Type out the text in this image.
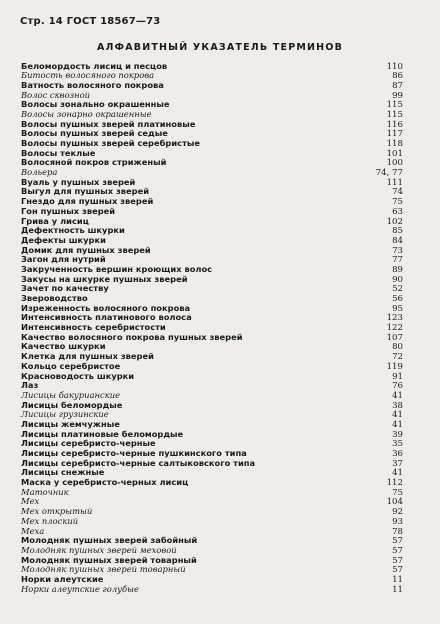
Стр. 14 ГОСТ 18567—73
АЛФАВИТНЫЙ УКАЗАТЕЛЬ ТЕРМИНОВ
Беломордость лисиц и песцов	110
Битость волосяного покрова	86
Ватность волосяного покрова	87
Волос сквозной	99
Волосы зонально окрашенные	115
Волосы зонарно окрашенные	115
Волосы пушных зверей платиновые	116
Волосы пушных зверей седые	117
Волосы пушных зверей серебристые	118
Волосы теклые	101
Волосяной покров стриженый	100
Вольера	74, 77
Вуаль у пушных зверей	111
Выгул для пушных зверей	74
Гнездо для пушных зверей	75
Гон пушных зверей	63
Грива у лисиц	102
Дефектность шкурки	85
Дефекты шкурки	84
Домик для пушных зверей	73
Загон для нутрий	77
Закрученность вершин кроющих волос	89
Закусы на шкурке пушных зверей	90
Зачет по качеству	52
Звероводство	56
Изреженность волосяного покрова	95
Интенсивность платинового волоса	123
Интенсивность серебристости	122
Качество волосяного покрова пушных зверей	107
Качество шкурки	80
Клетка для пушных зверей	72
Кольцо серебристое	119
Красноводость шкурки	91
Лаз	76
Лисицы бакурианские	41
Лисицы беломордые	38
Лисицы грузинские	41
Лисицы жемчужные	41
Лисицы платиновые беломордые	39
Лисицы серебристо-черные	35
Лисицы серебристо-черные пушкинского типа	36
Лисицы серебристо-черные салтыковского типа	37
Лисицы снежные	41
Маска у серебристо-черных лисиц	112
Маточник	75
Мех	104
Мех открытый	92
Мех плоский	93
Меха	78
Молодняк пушных зверей забойный	57
Молодняк пушных зверей меховой	57
Молодняк пушных зверей товарный	57
Молодняк пушных зверей товарный	57
Норки алеутские	11
Норки алеутские голубые	11
